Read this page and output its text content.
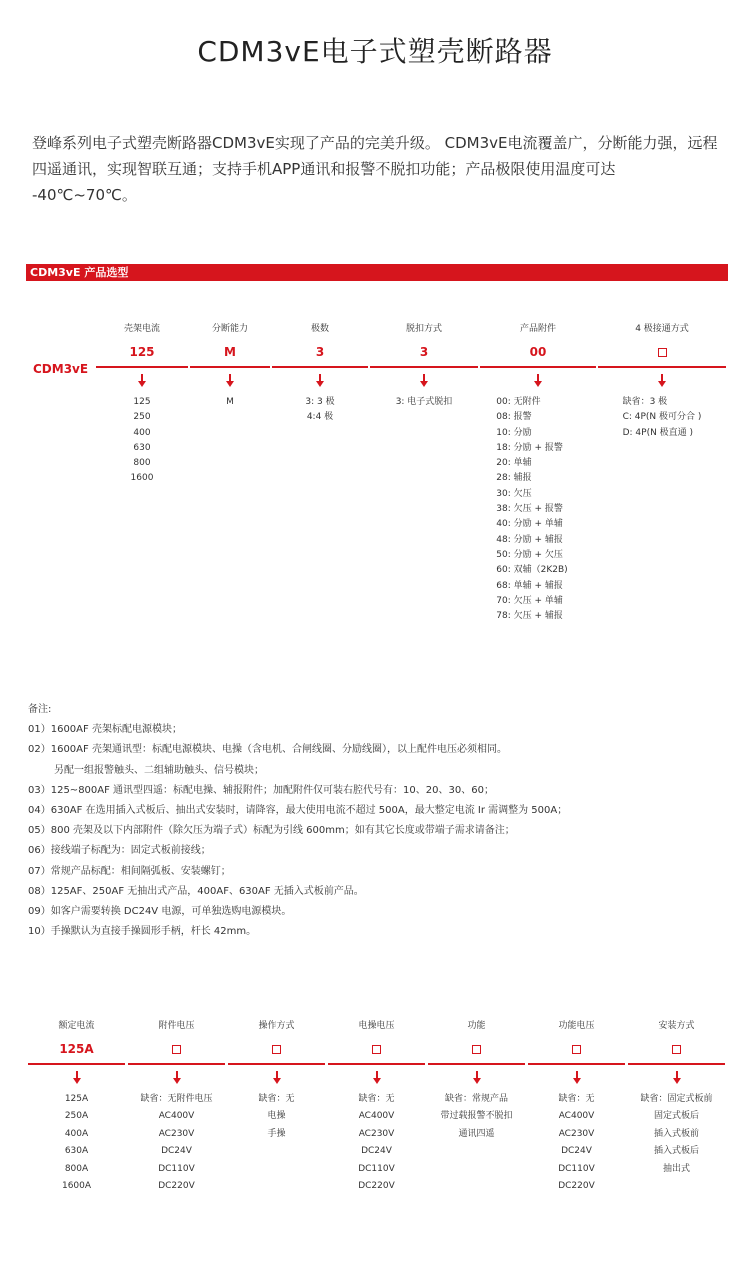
CDM3vE电子式塑壳断路器
登峰系列电子式塑壳断路器CDM3vE实现了产品的完美升级。 CDM3vE电流覆盖广，分断能力强，远程四遥通讯，实现智联互通；支持手机APP通讯和报警不脱扣功能；产品极限使用温度可达 -40℃~70℃。
CDM3vE 产品选型
CDM3vE
壳架电流
125
125
250
400
630
800
1600
分断能力
M
M
极数
3
3: 3 极
4:4 极
脱扣方式
3
3: 电子式脱扣
产品附件
00
00: 无附件
08: 报警
10: 分励
18: 分励 + 报警
20: 单辅
28: 辅报
30: 欠压
38: 欠压 + 报警
40: 分励 + 单辅
48: 分励 + 辅报
50: 分励 + 欠压
60: 双辅（2K2B)
68: 单辅 + 辅报
70: 欠压 + 单辅
78: 欠压 + 辅报
4 极接通方式
缺省：3 极
C: 4P(N 极可分合 )
D: 4P(N 极直通 )
备注:
01）1600AF 壳架标配电源模块；
02）1600AF 壳架通讯型：标配电源模块、电操（含电机、合闸线圈、分励线圈），以上配件电压必须相同。
另配一组报警触头、二组辅助触头、信号模块；
03）125~800AF 通讯型四遥：标配电操、辅报附件；加配附件仅可装右腔代号有：10、20、30、60；
04）630AF 在选用插入式板后、抽出式安装时，请降容，最大使用电流不超过 500A，最大整定电流 Ir 需调整为 500A；
05）800 壳架及以下内部附件（除欠压为端子式）标配为引线 600mm；如有其它长度或带端子需求请备注；
06）接线端子标配为：固定式板前接线；
07）常规产品标配：相间隔弧板、安装螺钉；
08）125AF、250AF 无抽出式产品，400AF、630AF 无插入式板前产品。
09）如客户需要转换 DC24V 电源，可单独选购电源模块。
10）手操默认为直接手操圆形手柄，杆长 42mm。
额定电流
125A
125A
250A
400A
630A
800A
1600A
附件电压
缺省：无附件电压
AC400V
AC230V
DC24V
DC110V
DC220V
操作方式
缺省：无
电操
手操
电操电压
缺省：无
AC400V
AC230V
DC24V
DC110V
DC220V
功能
缺省：常规产品
带过载报警不脱扣
通讯四遥
功能电压
缺省：无
AC400V
AC230V
DC24V
DC110V
DC220V
安装方式
缺省：固定式板前
固定式板后
插入式板前
插入式板后
抽出式
